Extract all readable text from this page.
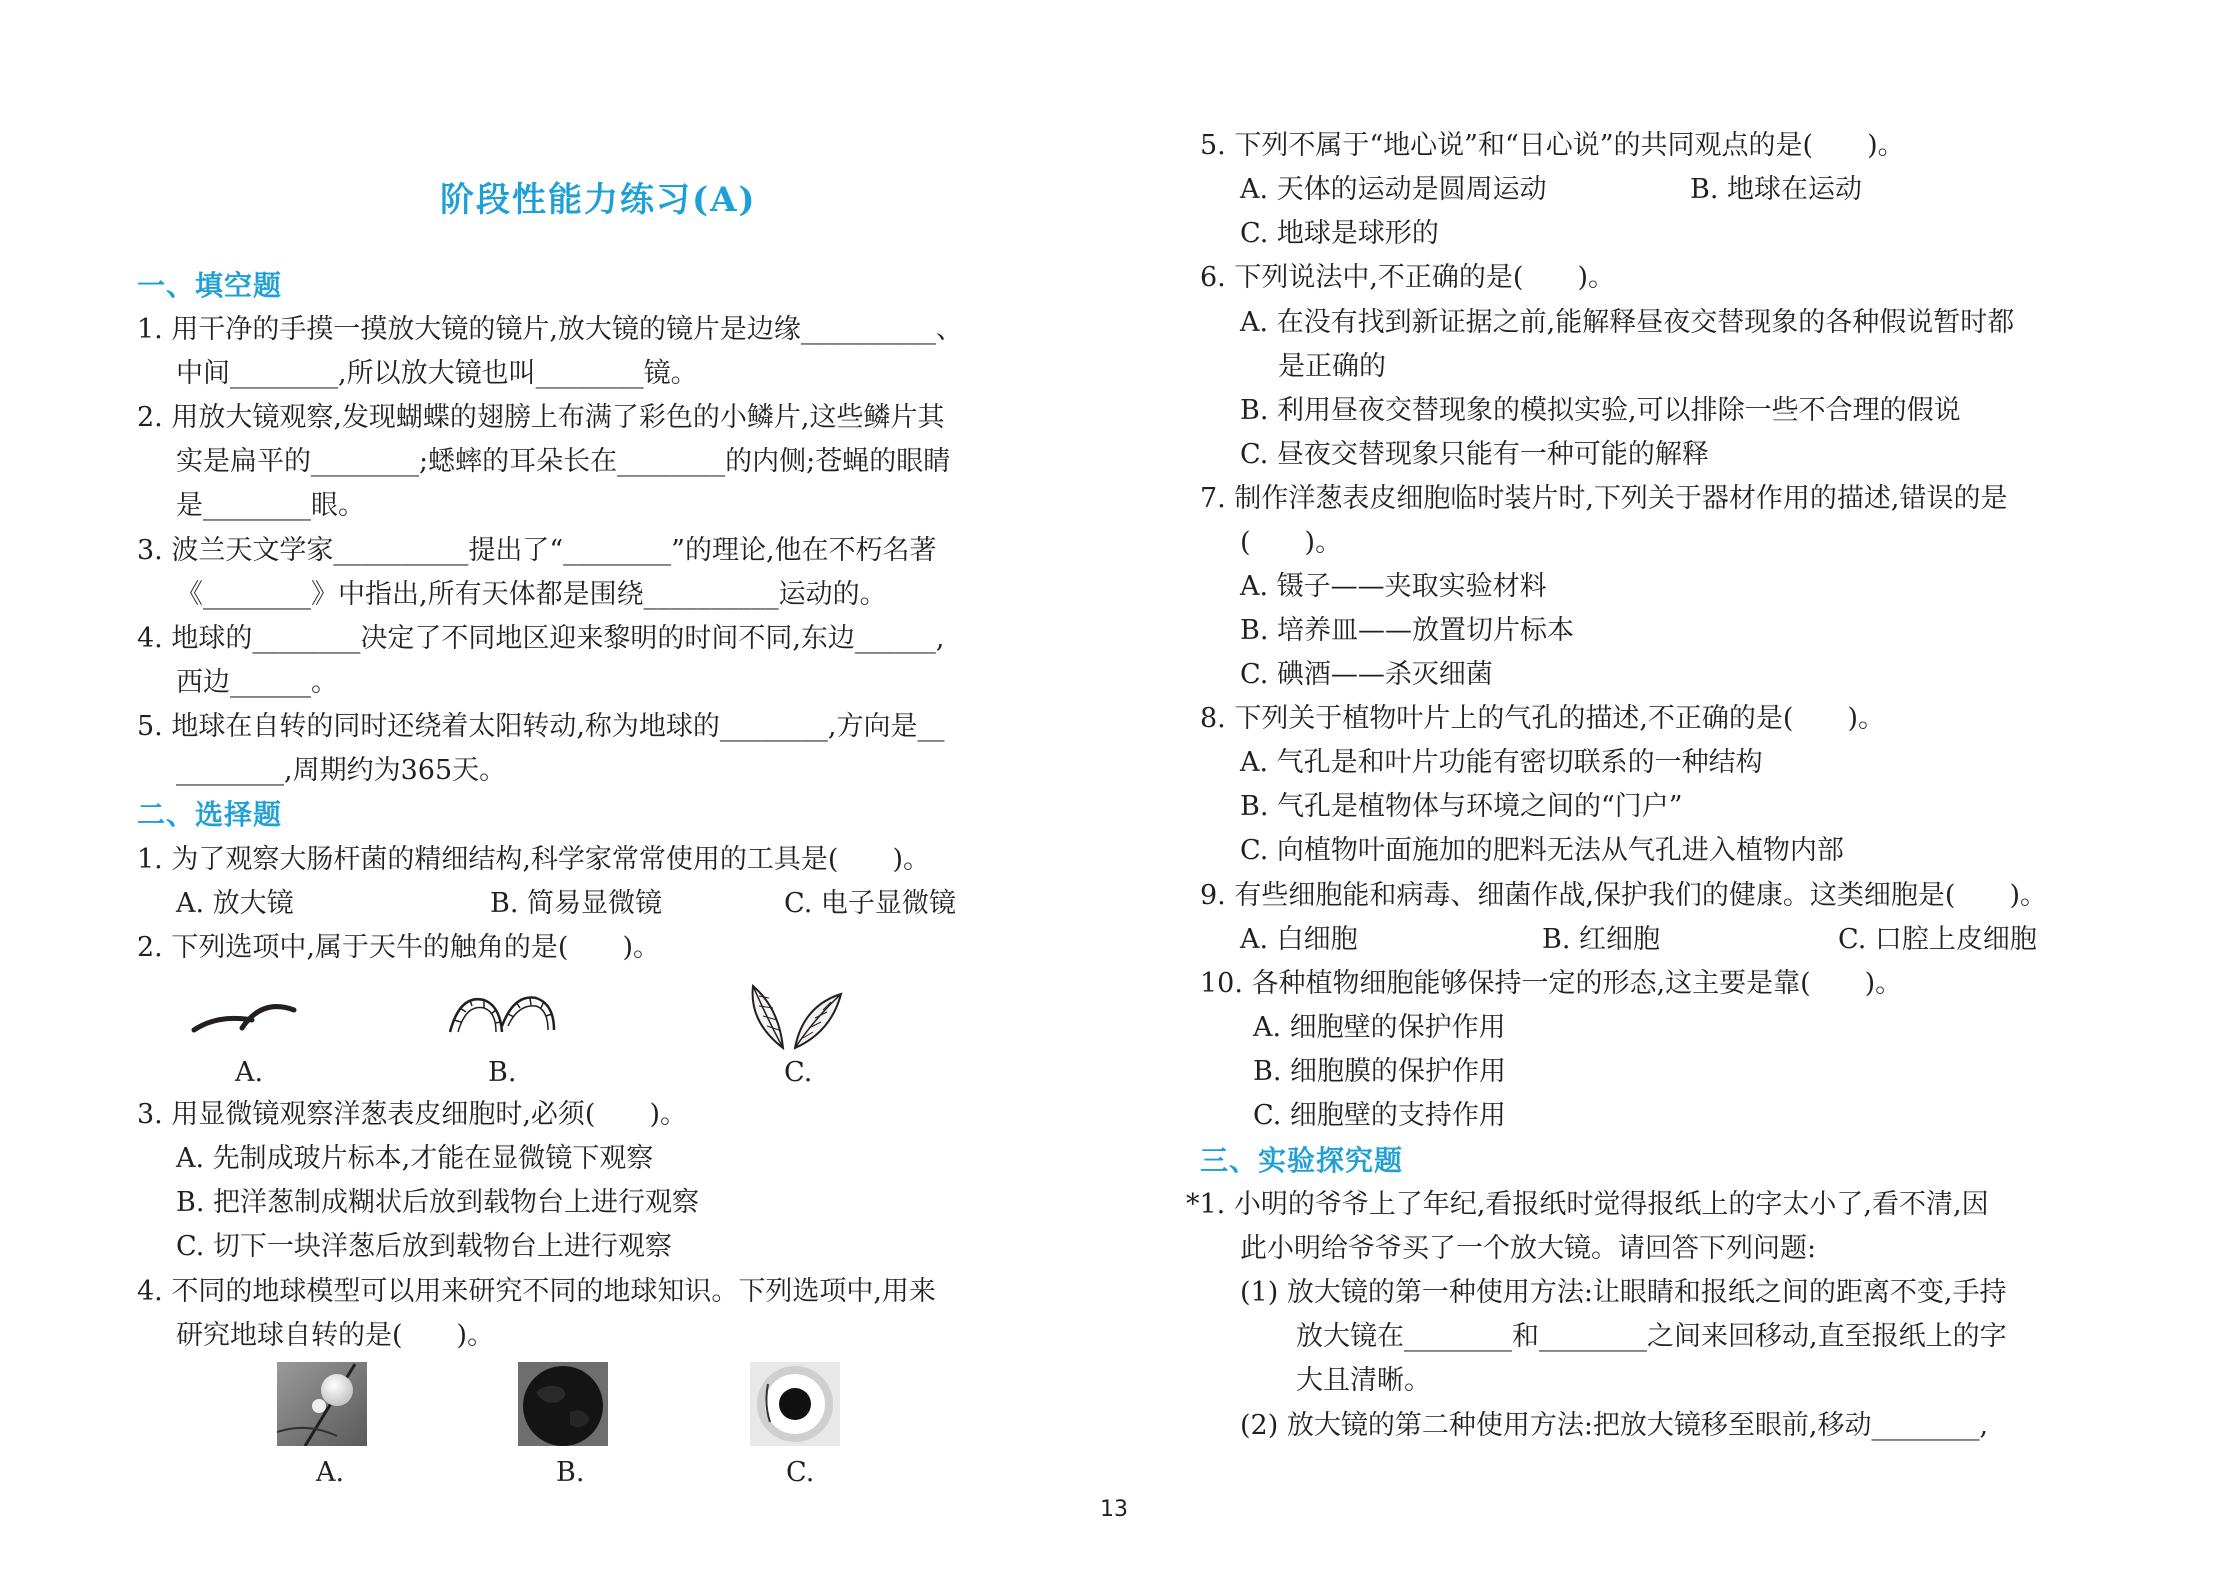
阶段性能力练习(A)
一、填空题
1. 用干净的手摸一摸放大镜的镜片,放大镜的镜片是边缘__________、
中间________,所以放大镜也叫________镜。
2. 用放大镜观察,发现蝴蝶的翅膀上布满了彩色的小鳞片,这些鳞片其
实是扁平的________;蟋蟀的耳朵长在________的内侧;苍蝇的眼睛
是________眼。
3. 波兰天文学家__________提出了“________”的理论,他在不朽名著
《________》中指出,所有天体都是围绕__________运动的。
4. 地球的________决定了不同地区迎来黎明的时间不同,东边______,
西边______。
5. 地球在自转的同时还绕着太阳转动,称为地球的________,方向是__
________,周期约为365天。
二、选择题
1. 为了观察大肠杆菌的精细结构,科学家常常使用的工具是(　　)。
A. 放大镜	B. 简易显微镜	C. 电子显微镜
2. 下列选项中,属于天牛的触角的是(　　)。
A.	B.	C.
3. 用显微镜观察洋葱表皮细胞时,必须(　　)。
A. 先制成玻片标本,才能在显微镜下观察
B. 把洋葱制成糊状后放到载物台上进行观察
C. 切下一块洋葱后放到载物台上进行观察
4. 不同的地球模型可以用来研究不同的地球知识。下列选项中,用来
研究地球自转的是(　　)。
A.	B.	C.
5. 下列不属于“地心说”和“日心说”的共同观点的是(　　)。
A. 天体的运动是圆周运动	B. 地球在运动
C. 地球是球形的
6. 下列说法中,不正确的是(　　)。
A. 在没有找到新证据之前,能解释昼夜交替现象的各种假说暂时都
是正确的
B. 利用昼夜交替现象的模拟实验,可以排除一些不合理的假说
C. 昼夜交替现象只能有一种可能的解释
7. 制作洋葱表皮细胞临时装片时,下列关于器材作用的描述,错误的是
(　　)。
A. 镊子——夹取实验材料
B. 培养皿——放置切片标本
C. 碘酒——杀灭细菌
8. 下列关于植物叶片上的气孔的描述,不正确的是(　　)。
A. 气孔是和叶片功能有密切联系的一种结构
B. 气孔是植物体与环境之间的“门户”
C. 向植物叶面施加的肥料无法从气孔进入植物内部
9. 有些细胞能和病毒、细菌作战,保护我们的健康。这类细胞是(　　)。
A. 白细胞	B. 红细胞	C. 口腔上皮细胞
10. 各种植物细胞能够保持一定的形态,这主要是靠(　　)。
A. 细胞壁的保护作用
B. 细胞膜的保护作用
C. 细胞壁的支持作用
三、实验探究题
*1. 小明的爷爷上了年纪,看报纸时觉得报纸上的字太小了,看不清,因
此小明给爷爷买了一个放大镜。请回答下列问题:
(1) 放大镜的第一种使用方法:让眼睛和报纸之间的距离不变,手持
放大镜在________和________之间来回移动,直至报纸上的字
大且清晰。
(2) 放大镜的第二种使用方法:把放大镜移至眼前,移动________,
13
